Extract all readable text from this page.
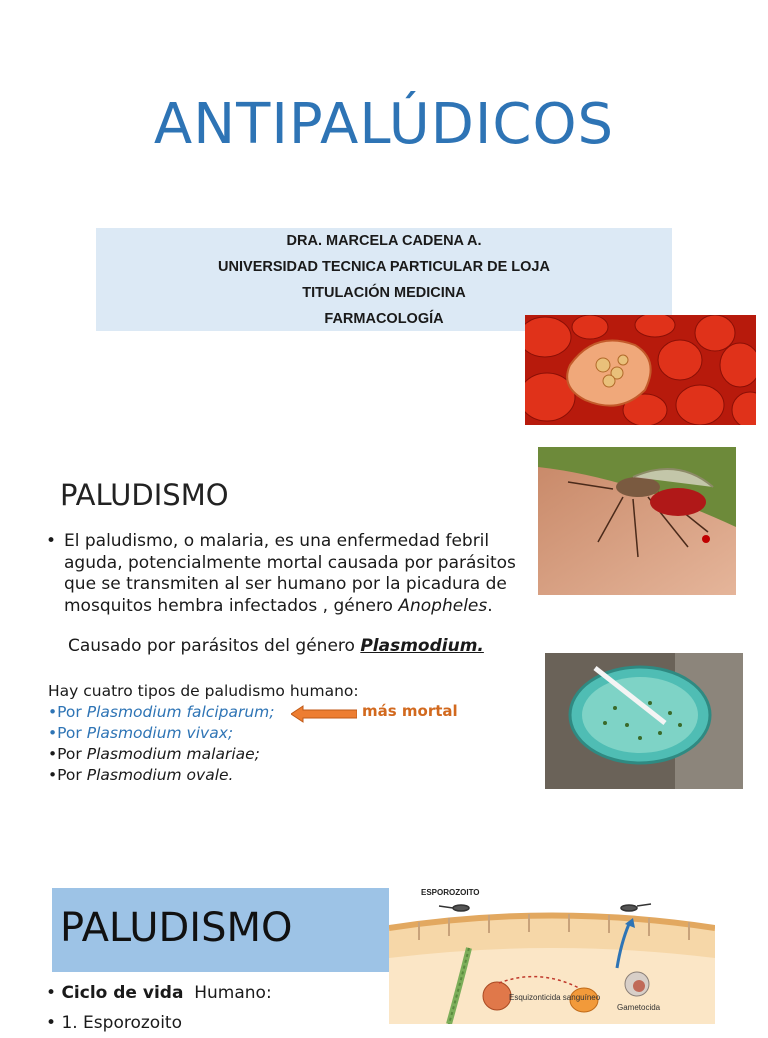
ANTIPALÚDICOS
DRA. MARCELA CADENA A.
UNIVERSIDAD TECNICA PARTICULAR DE LOJA
TITULACIÓN MEDICINA
FARMACOLOGÍA
PALUDISMO
• El paludismo, o malaria, es una enfermedad febril aguda, potencialmente mortal causada por parásitos que se transmiten al ser humano por la picadura de mosquitos hembra infectados , género Anopheles.
Causado por parásitos del género Plasmodium.
Hay cuatro tipos de paludismo humano:
•Por Plasmodium falciparum;
•Por Plasmodium vivax;
•Por Plasmodium malariae;
•Por Plasmodium ovale.
más mortal
PALUDISMO
• Ciclo de vida Humano:
• 1. Esporozoito
ESPOROZOITO
Esquizonticida sanguíneo
Gametocida
